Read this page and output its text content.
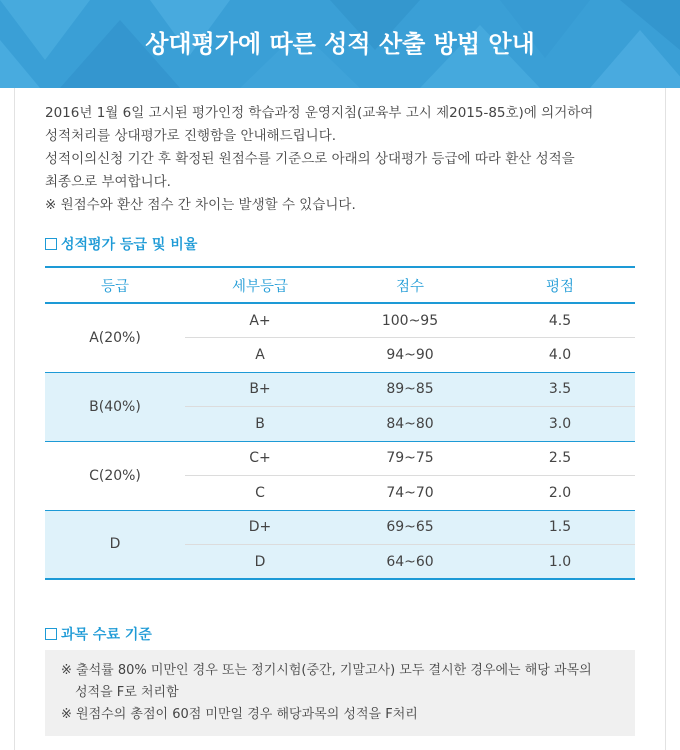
상대평가에 따른 성적 산출 방법 안내

2016년 1월 6일 고시된 평가인정 학습과정 운영지침(교육부 고시 제2015-85호)에 의거하여

성적처리를 상대평가로 진행함을 안내해드립니다.

성적이의신청 기간 후 확정된 원점수를 기준으로 아래의 상대평가 등급에 따라 환산 성적을

최종으로 부여합니다.

※ 원점수와 환산 점수 간 차이는 발생할 수 있습니다.

성적평가 등급 및 비율
등급	세부등급	점수	평점
A(20%)	A+	100~95	4.5
	A	94~90	4.0
B(40%)	B+	89~85	3.5
	B	84~80	3.0
C(20%)	C+	79~75	2.5
	C	74~70	2.0
D	D+	69~65	1.5
	D	64~60	1.0
과목 수료 기준

※ 출석률 80% 미만인 경우 또는 정기시험(중간, 기말고사) 모두 결시한 경우에는 해당 과목의

성적을 F로 처리함

※ 원점수의 총점이 60점 미만일 경우 해당과목의 성적을 F처리
